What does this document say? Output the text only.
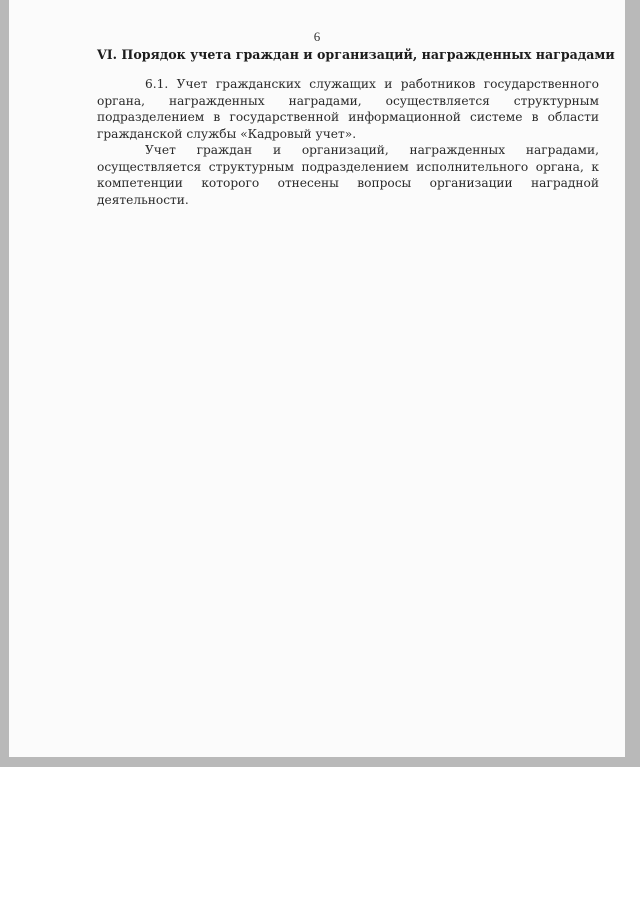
6
VI. Порядок учета граждан и организаций, награжденных наградами

6.1. Учет гражданских служащих и работников государственного органа, награжденных наградами, осуществляется структурным подразделением в государственной информационной системе в области гражданской службы «Кадровый учет».

Учет граждан и организаций, награжденных наградами, осуществляется структурным подразделением исполнительного органа, к компетенции которого отнесены вопросы организации наградной деятельности.
